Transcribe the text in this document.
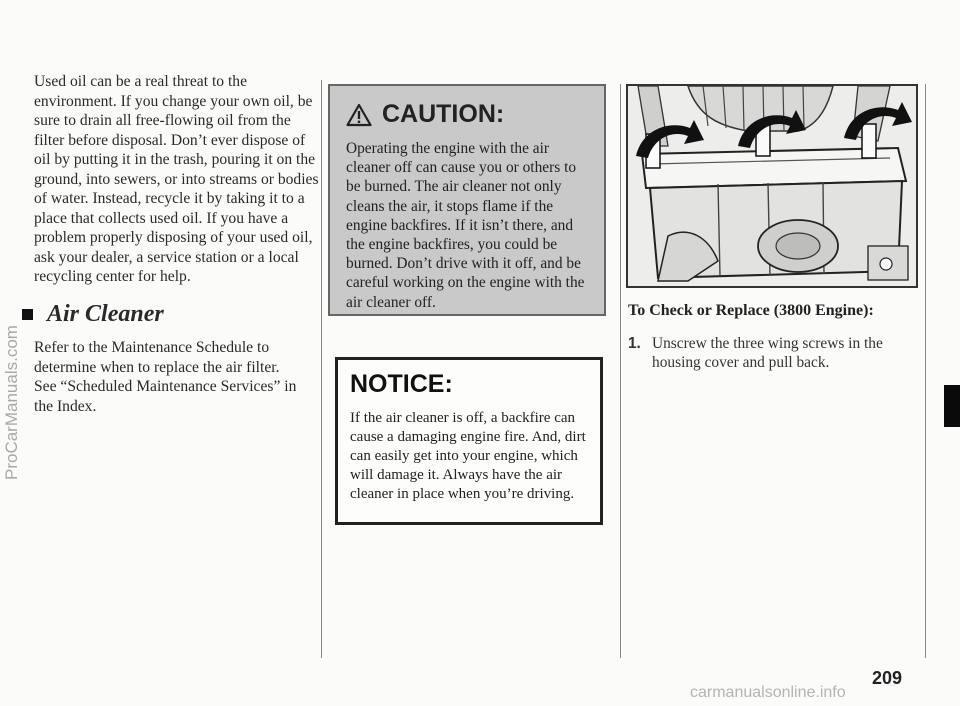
Used oil can be a real threat to the environment. If you change your own oil, be sure to drain all free-flowing oil from the filter before disposal. Don’t ever dispose of oil by putting it in the trash, pouring it on the ground, into sewers, or into streams or bodies of water. Instead, recycle it by taking it to a place that collects used oil. If you have a problem properly disposing of your used oil, ask your dealer, a service station or a local recycling center for help.

Air Cleaner

Refer to the Maintenance Schedule to determine when to replace the air filter.

See “Scheduled Maintenance Services” in the Index.

CAUTION:
Operating the engine with the air cleaner off can cause you or others to be burned. The air cleaner not only cleans the air, it stops flame if the engine backfires. If it isn’t there, and the engine backfires, you could be burned. Don’t drive with it off, and be careful working on the engine with the air cleaner off.
NOTICE:
If the air cleaner is off, a backfire can cause a damaging engine fire. And, dirt can easily get into your engine, which will damage it. Always have the air cleaner in place when you’re driving.
To Check or Replace (3800 Engine):
1. Unscrew the three wing screws in the housing cover and pull back.
209
ProCarManuals.com
carmanualsonline.info
